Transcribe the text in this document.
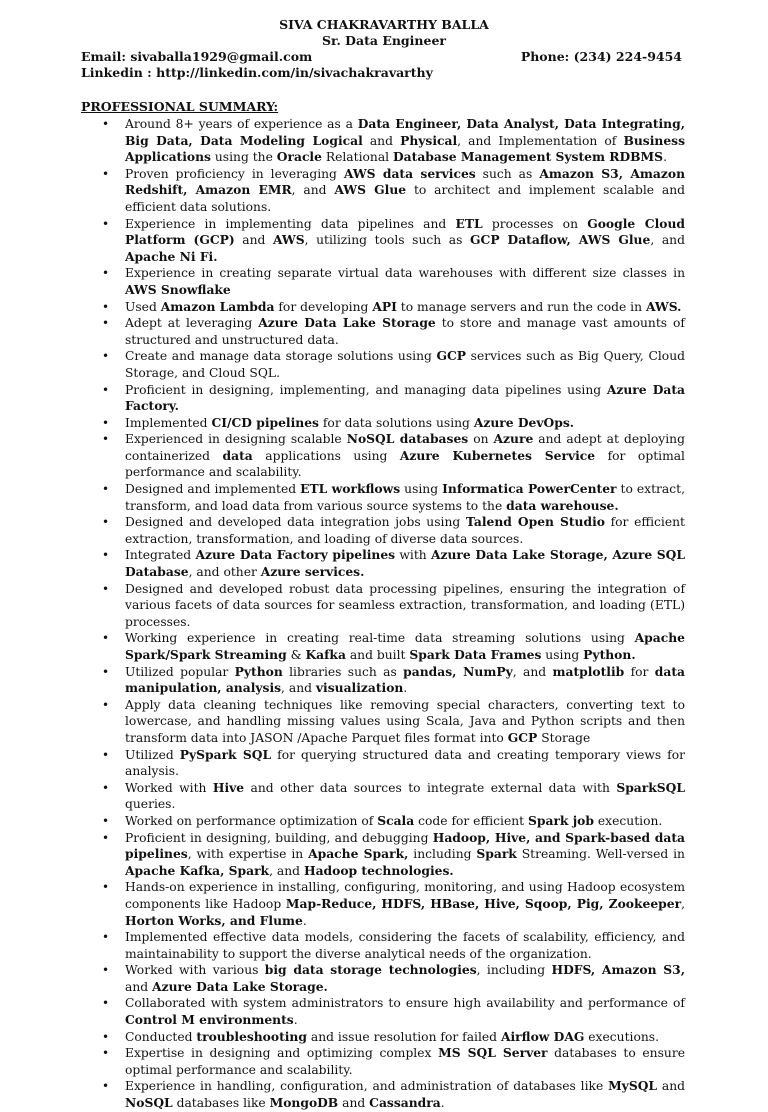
SIVA CHAKRAVARTHY BALLA
Sr. Data Engineer
Email: sivaballa1929@gmail.com	Phone: (234) 224-9454
Linkedin : http://linkedin.com/in/sivachakravarthy
PROFESSIONAL SUMMARY:
• Around 8+ years of experience as a Data Engineer, Data Analyst, Data Integrating, Big Data, Data Modeling Logical and Physical, and Implementation of Business Applications using the Oracle Relational Database Management System RDBMS.
• Proven proficiency in leveraging AWS data services such as Amazon S3, Amazon Redshift, Amazon EMR, and AWS Glue to architect and implement scalable and efficient data solutions.
• Experience in implementing data pipelines and ETL processes on Google Cloud Platform (GCP) and AWS, utilizing tools such as GCP Dataflow, AWS Glue, and Apache Ni Fi.
• Experience in creating separate virtual data warehouses with different size classes in AWS Snowflake
• Used Amazon Lambda for developing API to manage servers and run the code in AWS.
• Adept at leveraging Azure Data Lake Storage to store and manage vast amounts of structured and unstructured data.
• Create and manage data storage solutions using GCP services such as Big Query, Cloud Storage, and Cloud SQL.
• Proficient in designing, implementing, and managing data pipelines using Azure Data Factory.
• Implemented CI/CD pipelines for data solutions using Azure DevOps.
• Experienced in designing scalable NoSQL databases on Azure and adept at deploying containerized data applications using Azure Kubernetes Service for optimal performance and scalability.
• Designed and implemented ETL workflows using Informatica PowerCenter to extract, transform, and load data from various source systems to the data warehouse.
• Designed and developed data integration jobs using Talend Open Studio for efficient extraction, transformation, and loading of diverse data sources.
• Integrated Azure Data Factory pipelines with Azure Data Lake Storage, Azure SQL Database, and other Azure services.
• Designed and developed robust data processing pipelines, ensuring the integration of various facets of data sources for seamless extraction, transformation, and loading (ETL) processes.
• Working experience in creating real-time data streaming solutions using Apache Spark/Spark Streaming & Kafka and built Spark Data Frames using Python.
• Utilized popular Python libraries such as pandas, NumPy, and matplotlib for data manipulation, analysis, and visualization.
• Apply data cleaning techniques like removing special characters, converting text to lowercase, and handling missing values using Scala, Java and Python scripts and then transform data into JASON /Apache Parquet files format into GCP Storage
• Utilized PySpark SQL for querying structured data and creating temporary views for analysis.
• Worked with Hive and other data sources to integrate external data with SparkSQL queries.
• Worked on performance optimization of Scala code for efficient Spark job execution.
• Proficient in designing, building, and debugging Hadoop, Hive, and Spark-based data pipelines, with expertise in Apache Spark, including Spark Streaming. Well-versed in Apache Kafka, Spark, and Hadoop technologies.
• Hands-on experience in installing, configuring, monitoring, and using Hadoop ecosystem components like Hadoop Map-Reduce, HDFS, HBase, Hive, Sqoop, Pig, Zookeeper, Horton Works, and Flume.
• Implemented effective data models, considering the facets of scalability, efficiency, and maintainability to support the diverse analytical needs of the organization.
• Worked with various big data storage technologies, including HDFS, Amazon S3, and Azure Data Lake Storage.
• Collaborated with system administrators to ensure high availability and performance of Control M environments.
• Conducted troubleshooting and issue resolution for failed Airflow DAG executions.
• Expertise in designing and optimizing complex MS SQL Server databases to ensure optimal performance and scalability.
• Experience in handling, configuration, and administration of databases like MySQL and NoSQL databases like MongoDB and Cassandra.
